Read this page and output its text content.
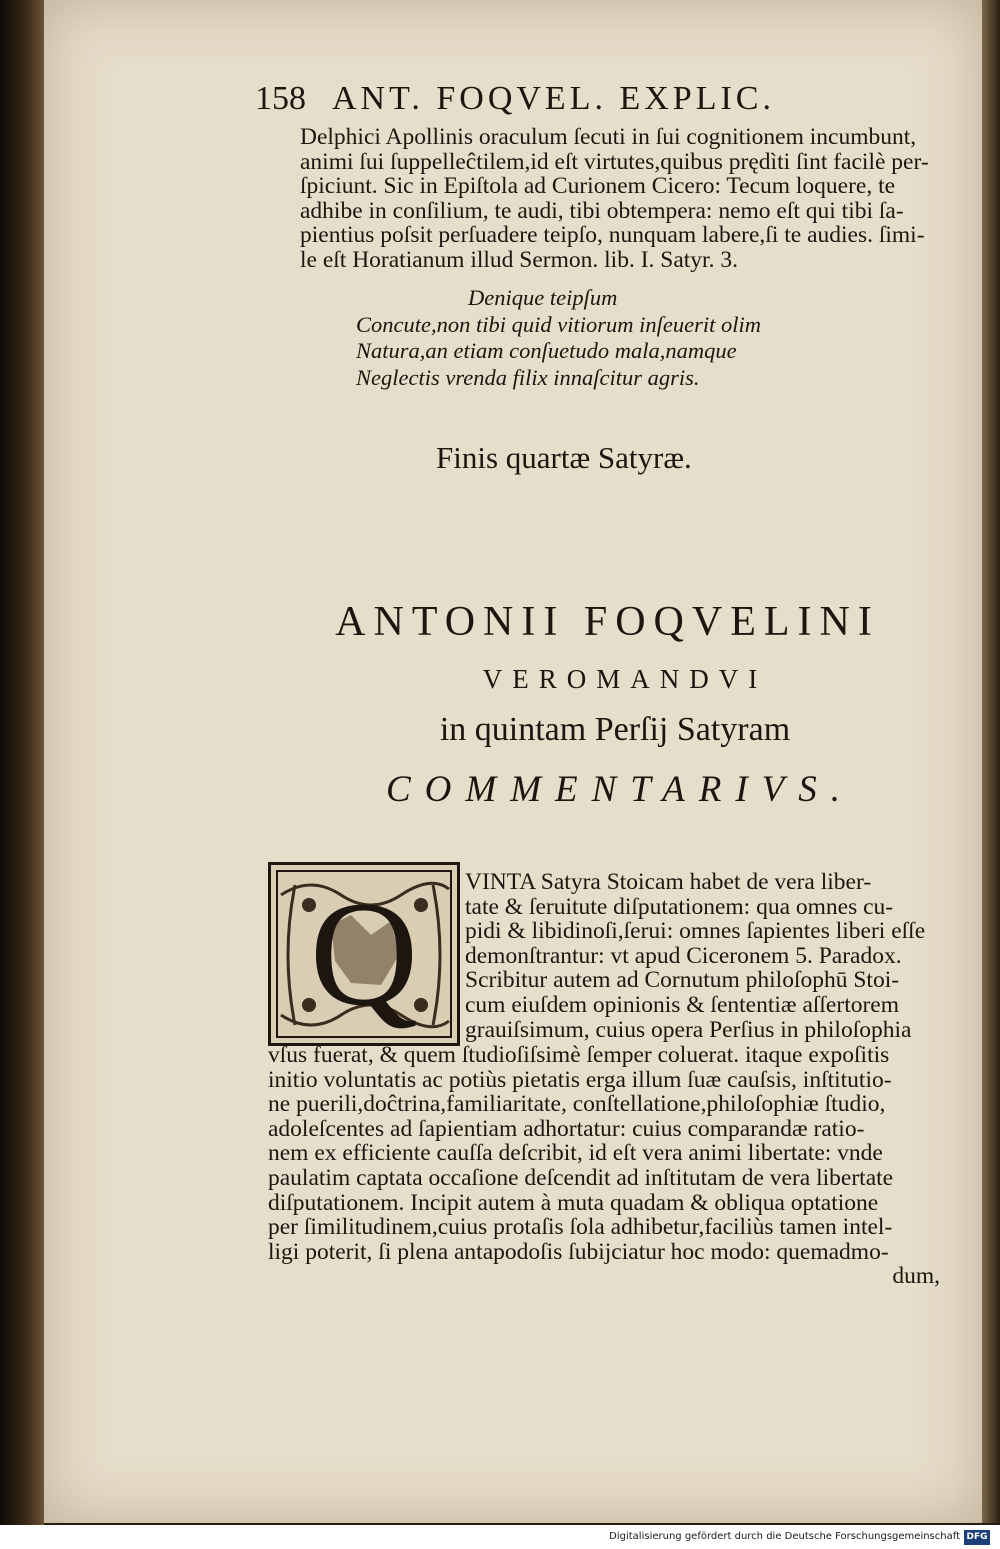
158 ANT. FOQVEL. EXPLIC.
Delphici Apollinis oraculum ſecuti in ſui cognitionem incumbunt,
animi ſui ſuppelleĉtilem,id eſt virtutes,quibus prędìti ſint facilè per-
ſpiciunt. Sic in Epiſtola ad Curionem Cicero: Tecum loquere, te
adhibe in conſilium, te audi, tibi obtempera: nemo eſt qui tibi ſa-
pientius poſsit perſuadere teipſo, nunquam labere,ſi te audies. ſimi-
le eſt Horatianum illud Sermon. lib. I. Satyr. 3.
Denique teipſum
Concute,non tibi quid vitiorum inſeuerit olim
Natura,an etiam conſuetudo mala,namque
Neglectis vrenda filix innaſcitur agris.
Finis quartæ Satyræ.
ANTONII FOQVELINI
VEROMANDVI
in quintam Perſij Satyram
COMMENTARIVS.
Q	VINTA Satyra Stoicam habet de vera liber-
tate & ſeruitute diſputationem: qua omnes cu-
pidi & libidinoſi,ſerui: omnes ſapientes liberi eſſe
demonſtrantur: vt apud Ciceronem 5. Paradox.
Scribitur autem ad Cornutum philoſophū Stoi-
cum eiuſdem opinionis & ſententiæ aſſertorem
grauiſsimum, cuius opera Perſius in philoſophia
vſus fuerat, & quem ſtudioſiſsimè ſemper coluerat. itaque expoſitis
initio voluntatis ac potiùs pietatis erga illum ſuæ cauſsis, inſtitutio-
ne puerili,doĉtrina,familiaritate, conſtellatione,philoſophiæ ſtudio,
adoleſcentes ad ſapientiam adhortatur: cuius comparandæ ratio-
nem ex efficiente cauſſa deſcribit, id eſt vera animi libertate: vnde
paulatim captata occaſione deſcendit ad inſtitutam de vera libertate
diſputationem. Incipit autem à muta quadam & obliqua optatione
per ſimilitudinem,cuius protaſis ſola adhibetur,faciliùs tamen intel-
ligi poterit, ſi plena antapodoſis ſubijciatur hoc modo: quemadmo-
dum,
Digitalisierung gefördert durch die Deutsche Forschungsgemeinschaft DFG
